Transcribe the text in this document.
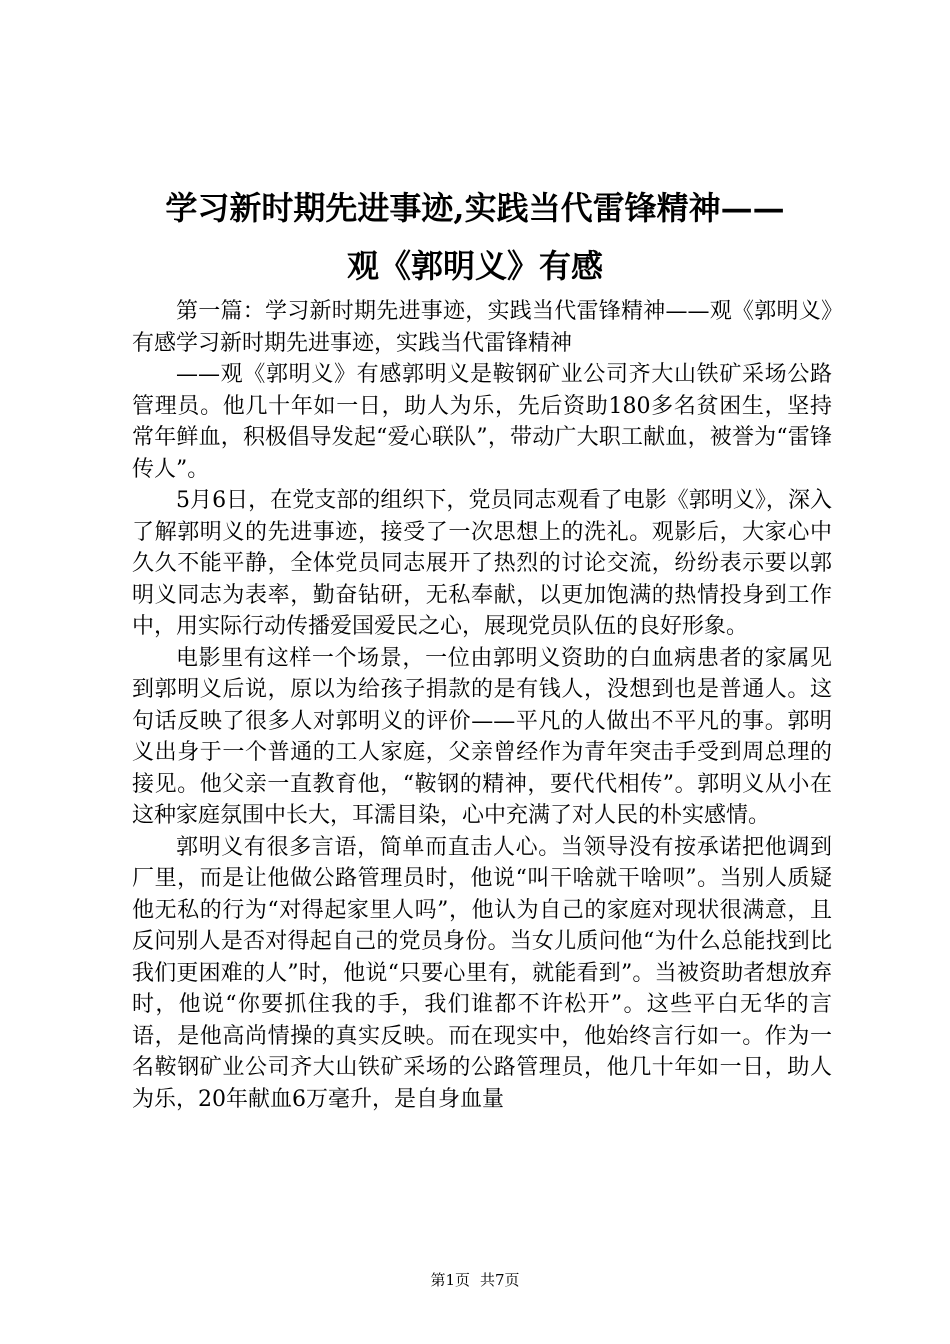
学习新时期先进事迹,实践当代雷锋精神——
观《郭明义》有感

第一篇：学习新时期先进事迹，实践当代雷锋精神——观《郭明义》有感学习新时期先进事迹，实践当代雷锋精神

——观《郭明义》有感郭明义是鞍钢矿业公司齐大山铁矿采场公路管理员。他几十年如一日，助人为乐，先后资助180多名贫困生，坚持常年鲜血，积极倡导发起“爱心联队”，带动广大职工献血，被誉为“雷锋传人”。

5月6日，在党支部的组织下，党员同志观看了电影《郭明义》，深入了解郭明义的先进事迹，接受了一次思想上的洗礼。观影后，大家心中久久不能平静，全体党员同志展开了热烈的讨论交流，纷纷表示要以郭明义同志为表率，勤奋钻研，无私奉献，以更加饱满的热情投身到工作中，用实际行动传播爱国爱民之心，展现党员队伍的良好形象。

电影里有这样一个场景，一位由郭明义资助的白血病患者的家属见到郭明义后说，原以为给孩子捐款的是有钱人，没想到也是普通人。这句话反映了很多人对郭明义的评价——平凡的人做出不平凡的事。郭明义出身于一个普通的工人家庭，父亲曾经作为青年突击手受到周总理的接见。他父亲一直教育他，“鞍钢的精神，要代代相传”。郭明义从小在这种家庭氛围中长大，耳濡目染，心中充满了对人民的朴实感情。

郭明义有很多言语，简单而直击人心。当领导没有按承诺把他调到厂里，而是让他做公路管理员时，他说“叫干啥就干啥呗”。当别人质疑他无私的行为“对得起家里人吗”，他认为自己的家庭对现状很满意，且反问别人是否对得起自己的党员身份。当女儿质问他“为什么总能找到比我们更困难的人”时，他说“只要心里有，就能看到”。当被资助者想放弃时，他说“你要抓住我的手，我们谁都不许松开”。这些平白无华的言语，是他高尚情操的真实反映。而在现实中，他始终言行如一。作为一名鞍钢矿业公司齐大山铁矿采场的公路管理员，他几十年如一日，助人为乐，20年献血6万毫升，是自身血量

第1页 共7页
